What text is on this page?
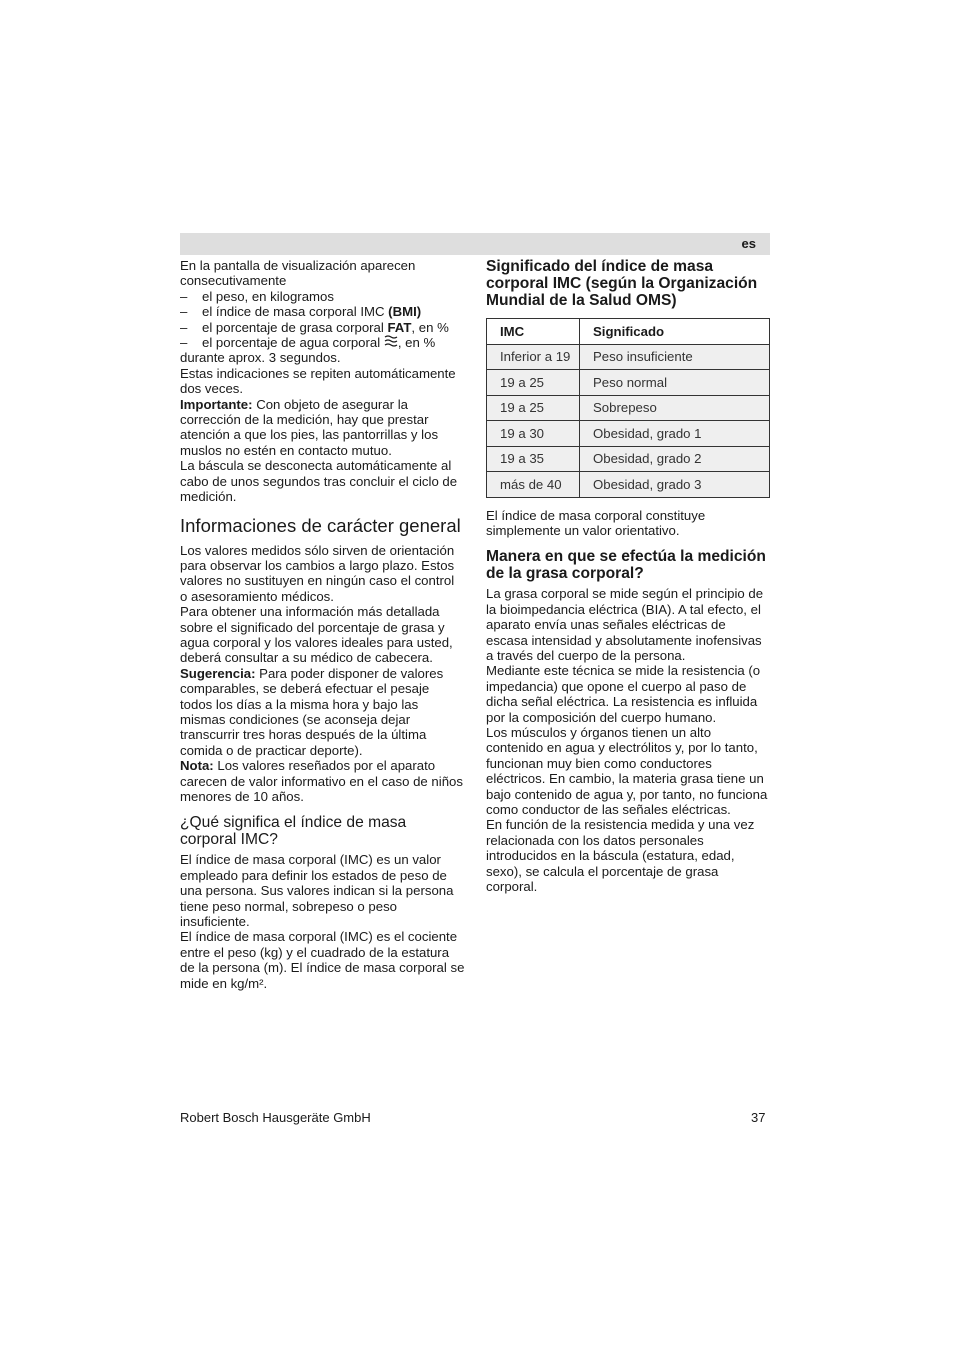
es

En la pantalla de visualización aparecen consecutivamente

– el peso, en kilogramos
– el índice de masa corporal IMC (BMI)
– el porcentaje de grasa corporal FAT, en %
– el porcentaje de agua corporal , en %

durante aprox. 3 segundos.

Estas indicaciones se repiten automáticamente dos veces.

Importante: Con objeto de asegurar la corrección de la medición, hay que prestar atención a que los pies, las pantorrillas y los muslos no estén en contacto mutuo.

La báscula se desconecta automáticamente al cabo de unos segundos tras concluir el ciclo de medición.

Informaciones de carácter general

Los valores medidos sólo sirven de orientación para observar los cambios a largo plazo. Estos valores no sustituyen en ningún caso el control o asesoramiento médicos.

Para obtener una información más detallada sobre el significado del porcentaje de grasa y agua corporal y los valores ideales para usted, deberá consultar a su médico de cabecera.

Sugerencia: Para poder disponer de valores comparables, se deberá efectuar el pesaje todos los días a la misma hora y bajo las mismas condiciones (se aconseja dejar transcurrir tres horas después de la última comida o de practicar deporte).

Nota: Los valores reseñados por el aparato carecen de valor informativo en el caso de niños menores de 10 años.

¿Qué significa el índice de masa corporal IMC?

El índice de masa corporal (IMC) es un valor empleado para definir los estados de peso de una persona. Sus valores indican si la persona tiene peso normal, sobrepeso o peso insuficiente.

El índice de masa corporal (IMC) es el cociente entre el peso (kg) y el cuadrado de la estatura de la persona (m). El índice de masa corporal se mide en kg/m².

Significado del índice de masa corporal IMC (según la Organización Mundial de la Salud OMS)
IMC	Significado
Inferior a 19	Peso insuficiente
19 a 25	Peso normal
19 a 25	Sobrepeso
19 a 30	Obesidad, grado 1
19 a 35	Obesidad, grado 2
más de 40	Obesidad, grado 3

El índice de masa corporal constituye simplemente un valor orientativo.

Manera en que se efectúa la medición de la grasa corporal?

La grasa corporal se mide según el principio de la bioimpedancia eléctrica (BIA). A tal efecto, el aparato envía unas señales eléctricas de escasa intensidad y absolutamente inofensivas a través del cuerpo de la persona.

Mediante este técnica se mide la resistencia (o impedancia) que opone el cuerpo al paso de dicha señal eléctrica. La resistencia es influida por la composición del cuerpo humano.

Los músculos y órganos tienen un alto contenido en agua y electrólitos y, por lo tanto, funcionan muy bien como conductores eléctricos. En cambio, la materia grasa tiene un bajo contenido de agua y, por tanto, no funciona como conductor de las señales eléctricas.

En función de la resistencia medida y una vez relacionada con los datos personales introducidos en la báscula (estatura, edad, sexo), se calcula el porcentaje de grasa corporal.

Robert Bosch Hausgeräte GmbH	37
